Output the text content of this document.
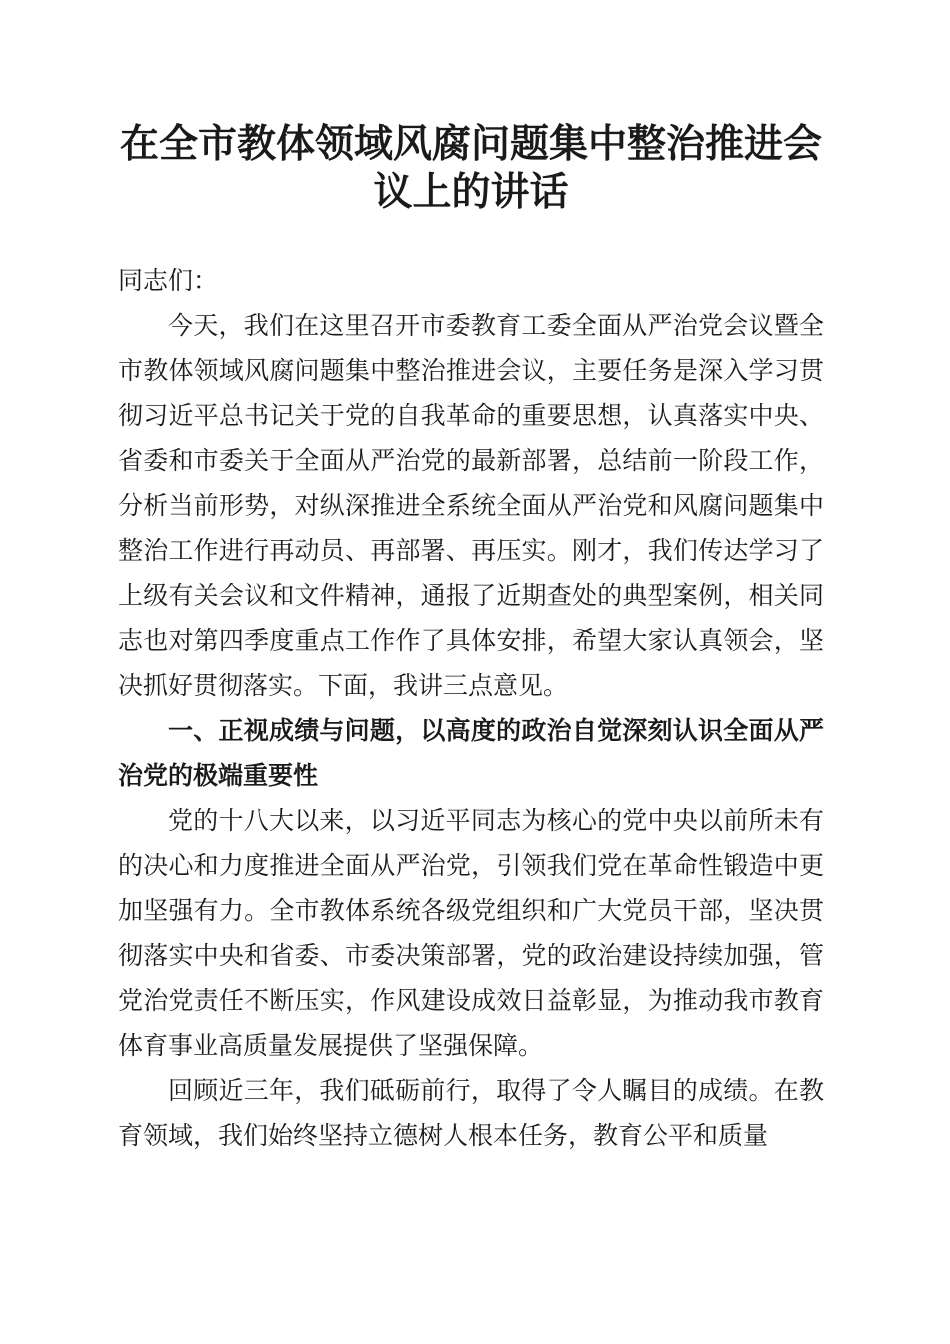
在全市教体领域风腐问题集中整治推进会议上的讲话

同志们：

今天，我们在这里召开市委教育工委全面从严治党会议暨全市教体领域风腐问题集中整治推进会议，主要任务是深入学习贯彻习近平总书记关于党的自我革命的重要思想，认真落实中央、省委和市委关于全面从严治党的最新部署，总结前一阶段工作，分析当前形势，对纵深推进全系统全面从严治党和风腐问题集中整治工作进行再动员、再部署、再压实。刚才，我们传达学习了上级有关会议和文件精神，通报了近期查处的典型案例，相关同志也对第四季度重点工作作了具体安排，希望大家认真领会，坚决抓好贯彻落实。下面，我讲三点意见。

一、正视成绩与问题，以高度的政治自觉深刻认识全面从严治党的极端重要性

党的十八大以来，以习近平同志为核心的党中央以前所未有的决心和力度推进全面从严治党，引领我们党在革命性锻造中更加坚强有力。全市教体系统各级党组织和广大党员干部，坚决贯彻落实中央和省委、市委决策部署，党的政治建设持续加强，管党治党责任不断压实，作风建设成效日益彰显，为推动我市教育体育事业高质量发展提供了坚强保障。

回顾近三年，我们砥砺前行，取得了令人瞩目的成绩。在教育领域，我们始终坚持立德树人根本任务，教育公平和质量
